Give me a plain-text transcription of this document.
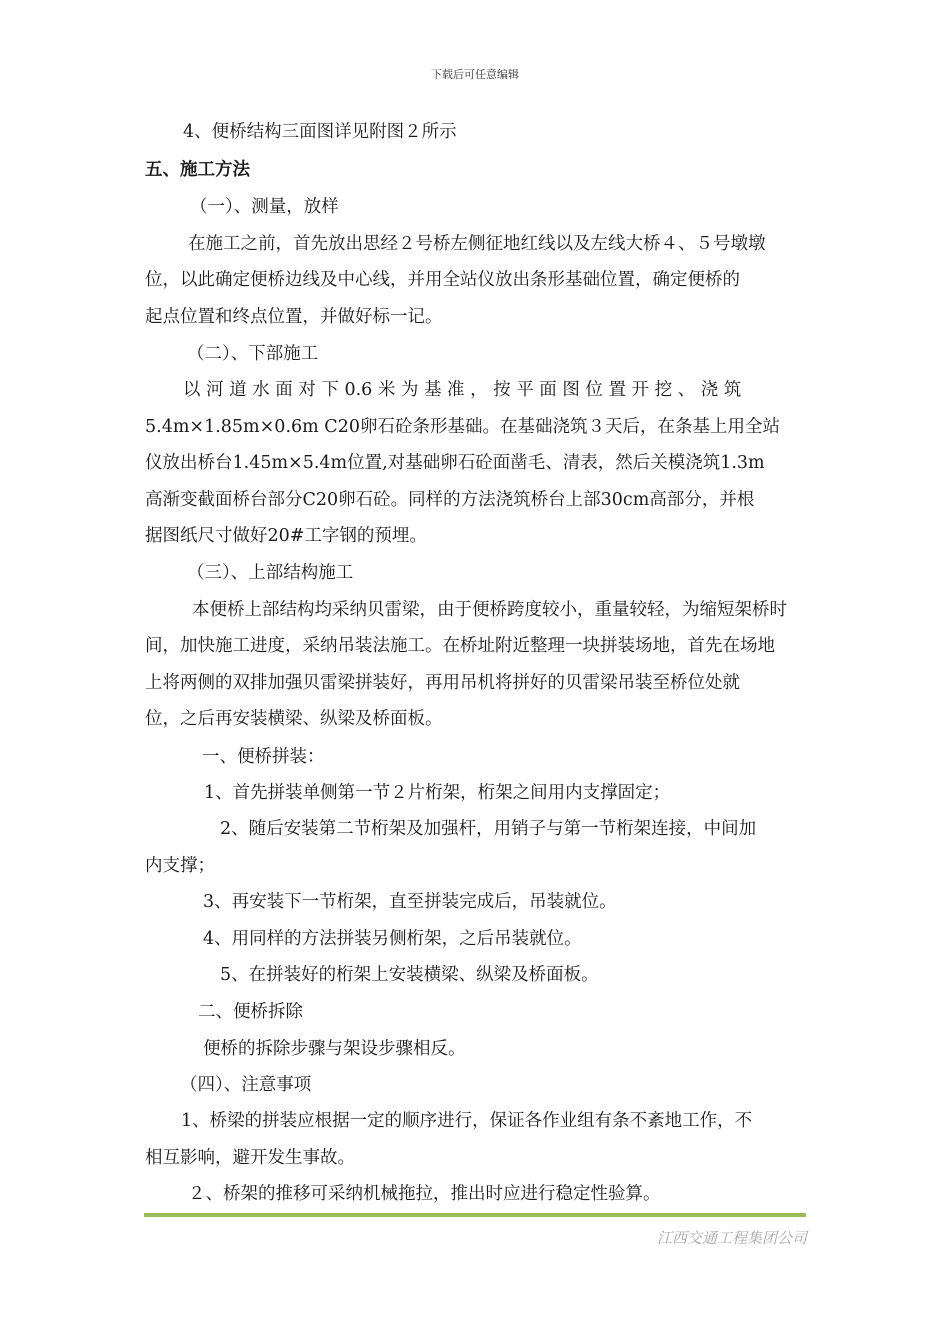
下载后可任意编辑
4、便桥结构三面图详见附图２所示
五、施工方法
（一）、测量，放样
在施工之前，首先放出思经２号桥左侧征地红线以及左线大桥４、５号墩墩
位，以此确定便桥边线及中心线，并用全站仪放出条形基础位置，确定便桥的
起点位置和终点位置，并做好标一记。
（二）、下部施工
以 河 道 水 面 对 下 0.6 米 为 基 准 ， 按 平 面 图 位 置 开 挖 、 浇 筑
5.4m×1.85m×0.6m C20卵石砼条形基础。在基础浇筑３天后，在条基上用全站
仪放出桥台1.45m×5.4m位置,对基础卵石砼面凿毛、清表，然后关模浇筑1.3m
高渐变截面桥台部分C20卵石砼。同样的方法浇筑桥台上部30cm高部分，并根
据图纸尺寸做好20#工字钢的预埋。
（三）、上部结构施工
本便桥上部结构均采纳贝雷梁，由于便桥跨度较小，重量较轻，为缩短架桥时
间，加快施工进度，采纳吊装法施工。在桥址附近整理一块拼装场地，首先在场地
上将两侧的双排加强贝雷梁拼装好，再用吊机将拼好的贝雷梁吊装至桥位处就
位，之后再安装横梁、纵梁及桥面板。
一、便桥拼装：
1、首先拼装单侧第一节２片桁架，桁架之间用内支撑固定；
2、随后安装第二节桁架及加强杆，用销子与第一节桁架连接，中间加
内支撑；
3、再安装下一节桁架，直至拼装完成后，吊装就位。
4、用同样的方法拼装另侧桁架，之后吊装就位。
5、在拼装好的桁架上安装横梁、纵梁及桥面板。
二、便桥拆除
便桥的拆除步骤与架设步骤相反。
（四）、注意事项
1、桥梁的拼装应根据一定的顺序进行，保证各作业组有条不紊地工作，不
相互影响，避开发生事故。
２、桥架的推移可采纳机械拖拉，推出时应进行稳定性验算。
江西交通工程集团公司
